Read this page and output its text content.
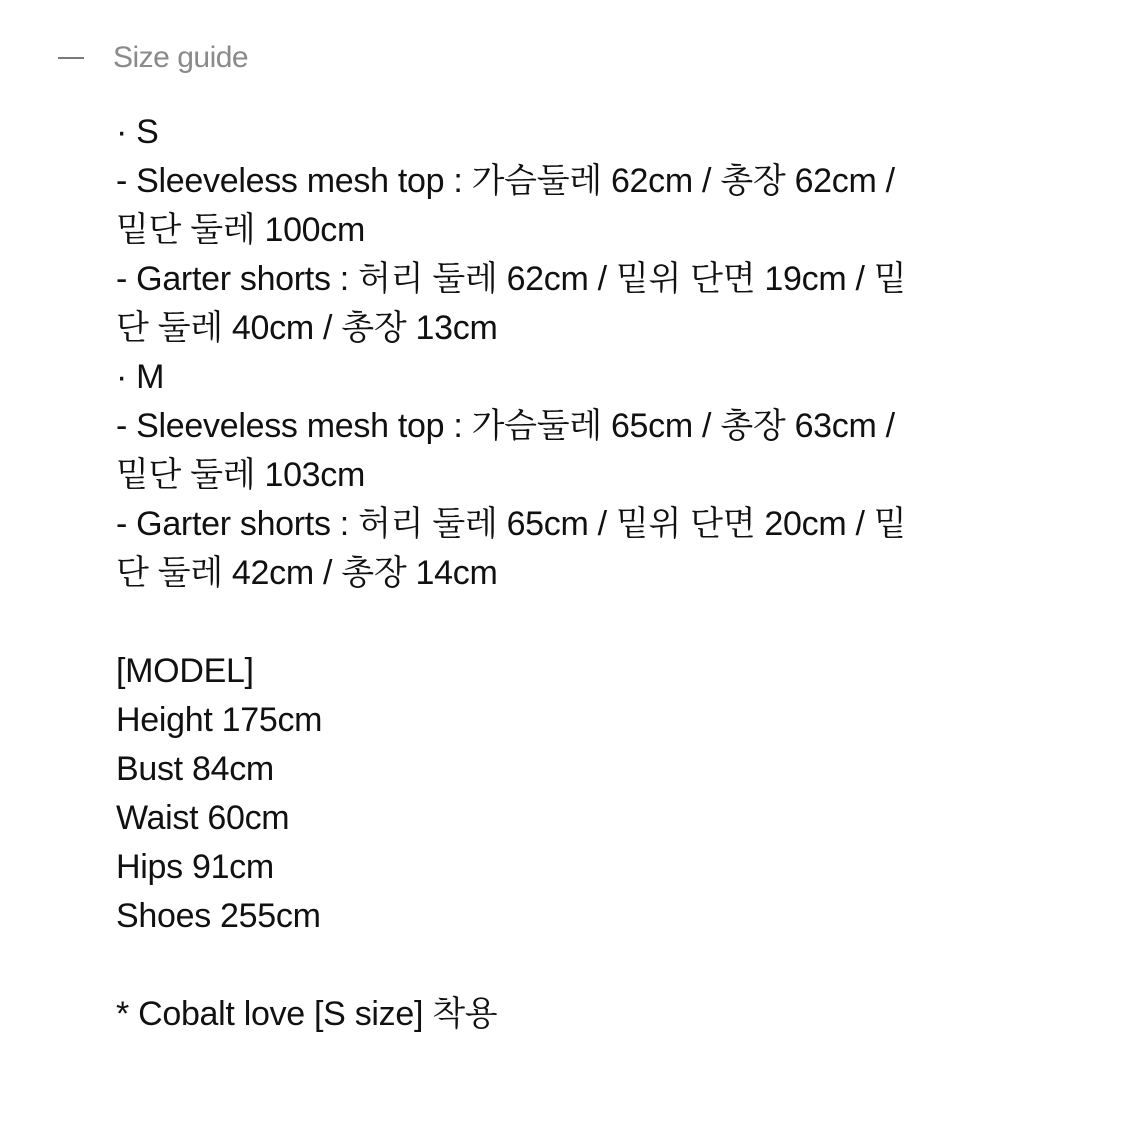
Size guide
· S
- Sleeveless mesh top : 가슴둘레 62cm / 총장 62cm /
밑단 둘레 100cm
- Garter shorts : 허리 둘레 62cm / 밑위 단면 19cm / 밑
단 둘레 40cm / 총장 13cm
· M
- Sleeveless mesh top : 가슴둘레 65cm / 총장 63cm /
밑단 둘레 103cm
- Garter shorts : 허리 둘레 65cm / 밑위 단면 20cm / 밑
단 둘레 42cm / 총장 14cm
[MODEL]
Height 175cm
Bust 84cm
Waist 60cm
Hips 91cm
Shoes 255cm
* Cobalt love [S size] 착용
